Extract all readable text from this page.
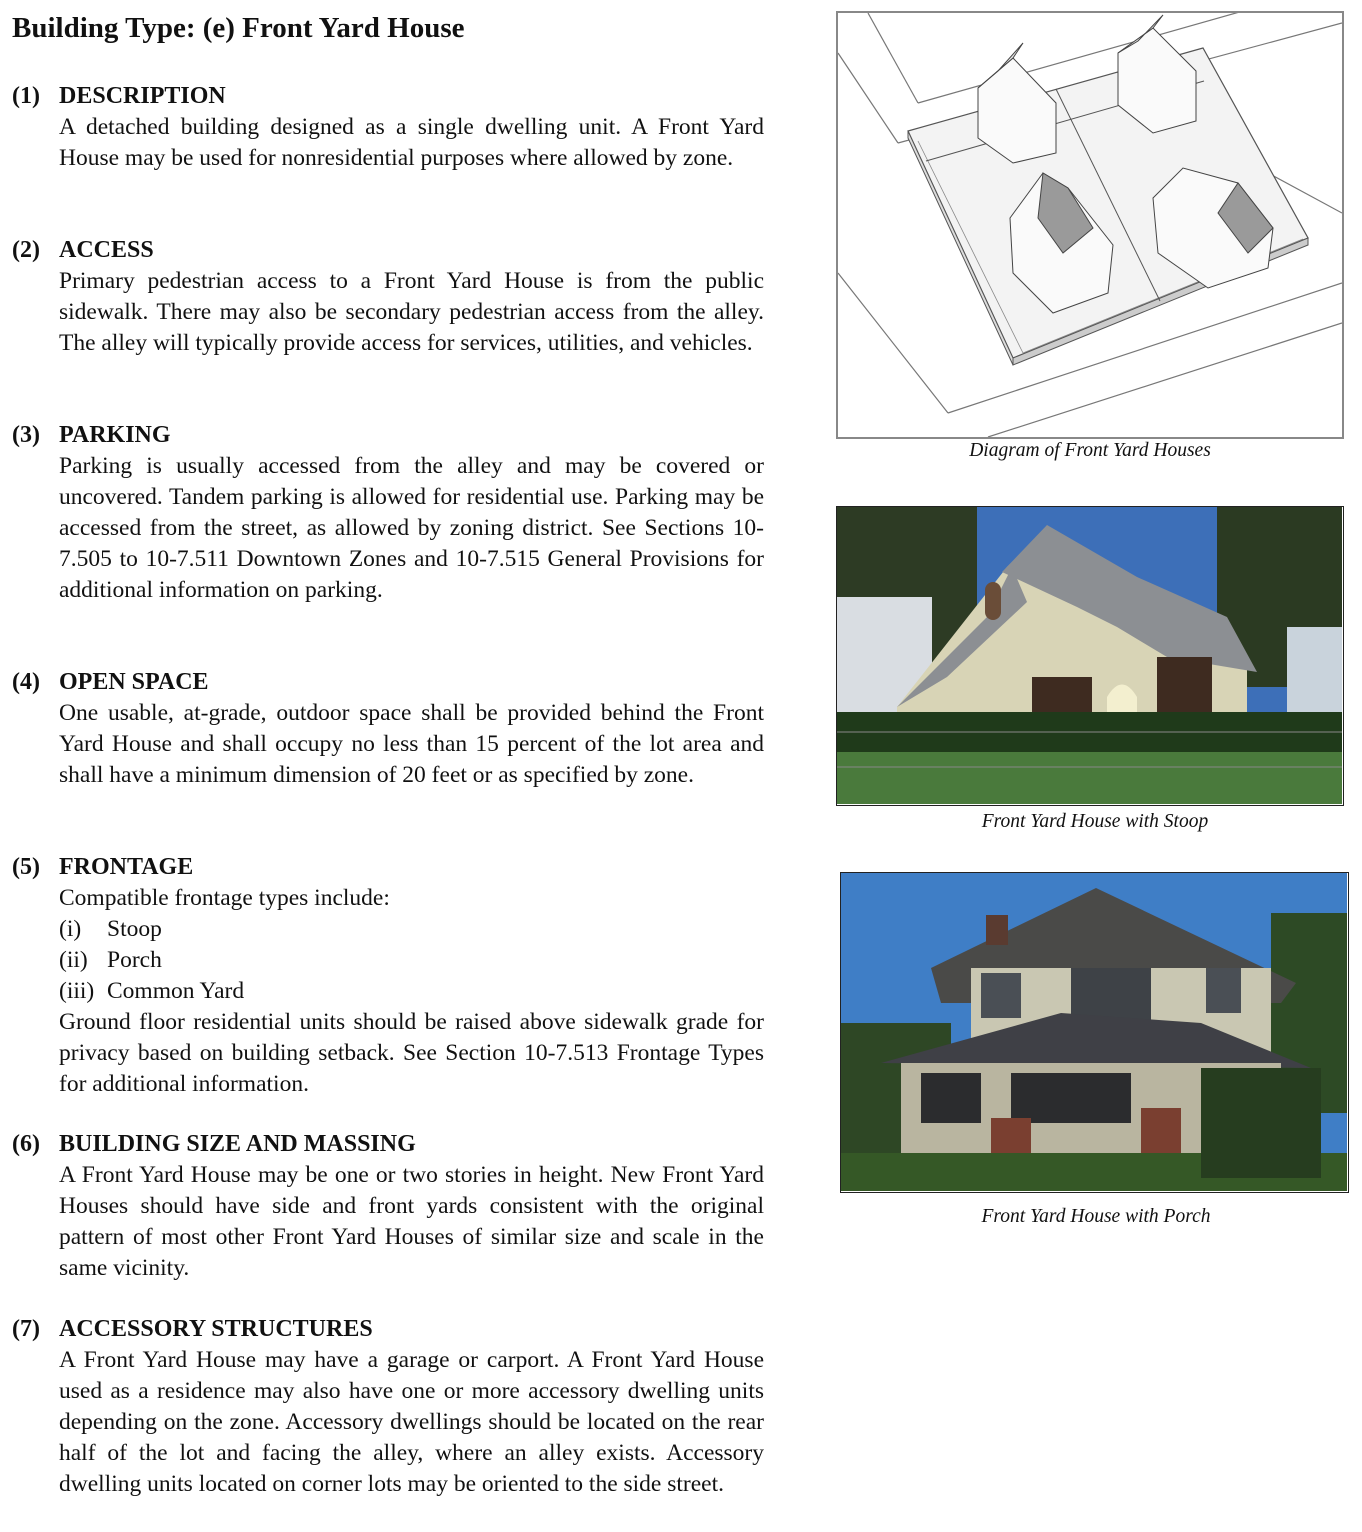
Building Type: (e) Front Yard House
(1) DESCRIPTION

A detached building designed as a single dwelling unit. A Front Yard House may be used for nonresidential purposes where allowed by zone.

(2) ACCESS

Primary pedestrian access to a Front Yard House is from the public sidewalk. There may also be secondary pedestrian access from the alley. The alley will typically provide access for services, utilities, and vehicles.

(3) PARKING

Parking is usually accessed from the alley and may be covered or uncovered. Tandem parking is allowed for residential use. Parking may be accessed from the street, as allowed by zoning district. See Sections 10-7.505 to 10-7.511 Downtown Zones and 10-7.515 General Provisions for additional information on parking.

(4) OPEN SPACE

One usable, at-grade, outdoor space shall be provided behind the Front Yard House and shall occupy no less than 15 percent of the lot area and shall have a minimum dimension of 20 feet or as specified by zone.

(5) FRONTAGE

Compatible frontage types include:

(i)	Stoop
(ii) Porch
(iii) Common Yard

Ground floor residential units should be raised above sidewalk grade for privacy based on building setback. See Section 10-7.513 Frontage Types for additional information.

(6) BUILDING SIZE AND MASSING

A Front Yard House may be one or two stories in height. New Front Yard Houses should have side and front yards consistent with the original pattern of most other Front Yard Houses of similar size and scale in the same vicinity.

(7) ACCESSORY STRUCTURES

A Front Yard House may have a garage or carport. A Front Yard House used as a residence may also have one or more accessory dwelling units depending on the zone. Accessory dwellings should be located on the rear half of the lot and facing the alley, where an alley exists. Accessory dwelling units located on corner lots may be oriented to the side street.

Diagram of Front Yard Houses
Front Yard House with Stoop
Front Yard House with Porch
